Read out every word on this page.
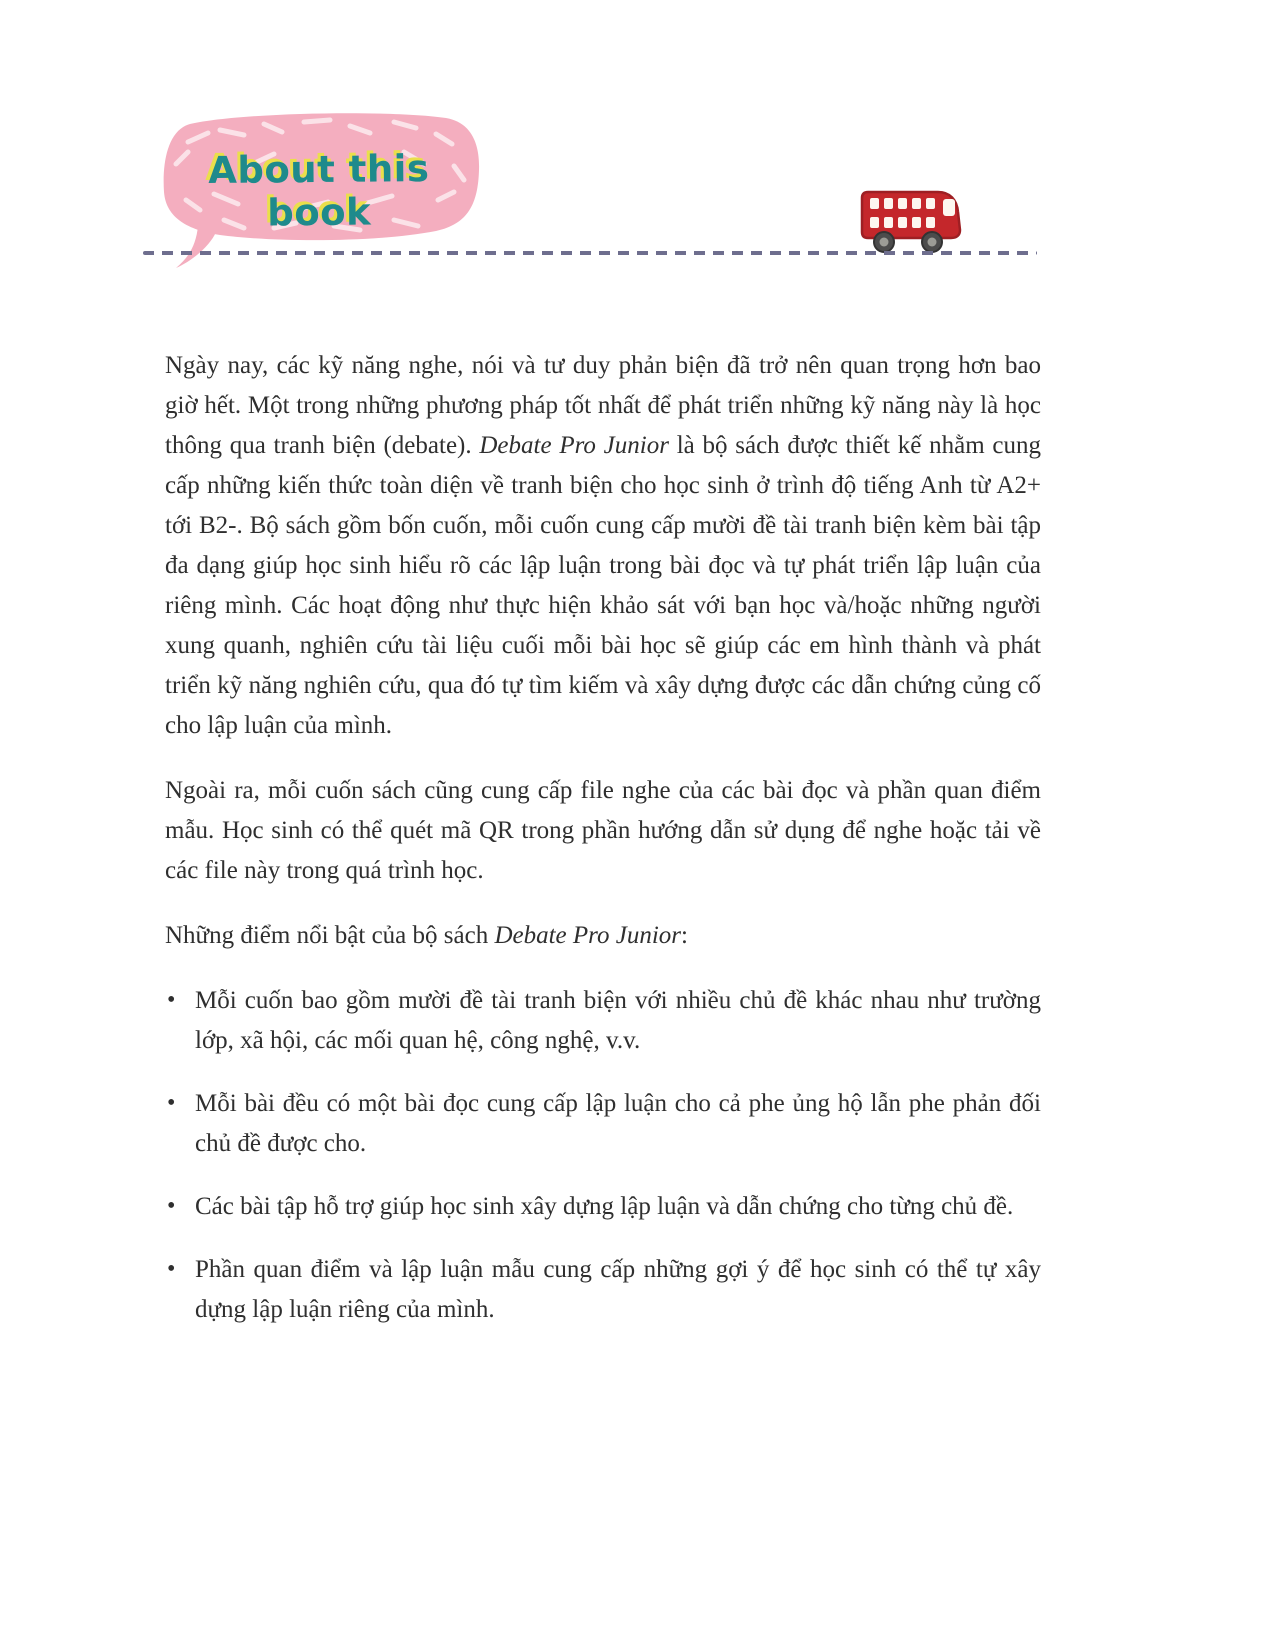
About this book

Ngày nay, các kỹ năng nghe, nói và tư duy phản biện đã trở nên quan trọng hơn bao giờ hết. Một trong những phương pháp tốt nhất để phát triển những kỹ năng này là học thông qua tranh biện (debate). Debate Pro Junior là bộ sách được thiết kế nhằm cung cấp những kiến thức toàn diện về tranh biện cho học sinh ở trình độ tiếng Anh từ A2+ tới B2-. Bộ sách gồm bốn cuốn, mỗi cuốn cung cấp mười đề tài tranh biện kèm bài tập đa dạng giúp học sinh hiểu rõ các lập luận trong bài đọc và tự phát triển lập luận của riêng mình. Các hoạt động như thực hiện khảo sát với bạn học và/hoặc những người xung quanh, nghiên cứu tài liệu cuối mỗi bài học sẽ giúp các em hình thành và phát triển kỹ năng nghiên cứu, qua đó tự tìm kiếm và xây dựng được các dẫn chứng củng cố cho lập luận của mình.

Ngoài ra, mỗi cuốn sách cũng cung cấp file nghe của các bài đọc và phần quan điểm mẫu. Học sinh có thể quét mã QR trong phần hướng dẫn sử dụng để nghe hoặc tải về các file này trong quá trình học.

Những điểm nổi bật của bộ sách Debate Pro Junior:

• Mỗi cuốn bao gồm mười đề tài tranh biện với nhiều chủ đề khác nhau như trường lớp, xã hội, các mối quan hệ, công nghệ, v.v.
• Mỗi bài đều có một bài đọc cung cấp lập luận cho cả phe ủng hộ lẫn phe phản đối chủ đề được cho.
• Các bài tập hỗ trợ giúp học sinh xây dựng lập luận và dẫn chứng cho từng chủ đề.
• Phần quan điểm và lập luận mẫu cung cấp những gợi ý để học sinh có thể tự xây dựng lập luận riêng của mình.
